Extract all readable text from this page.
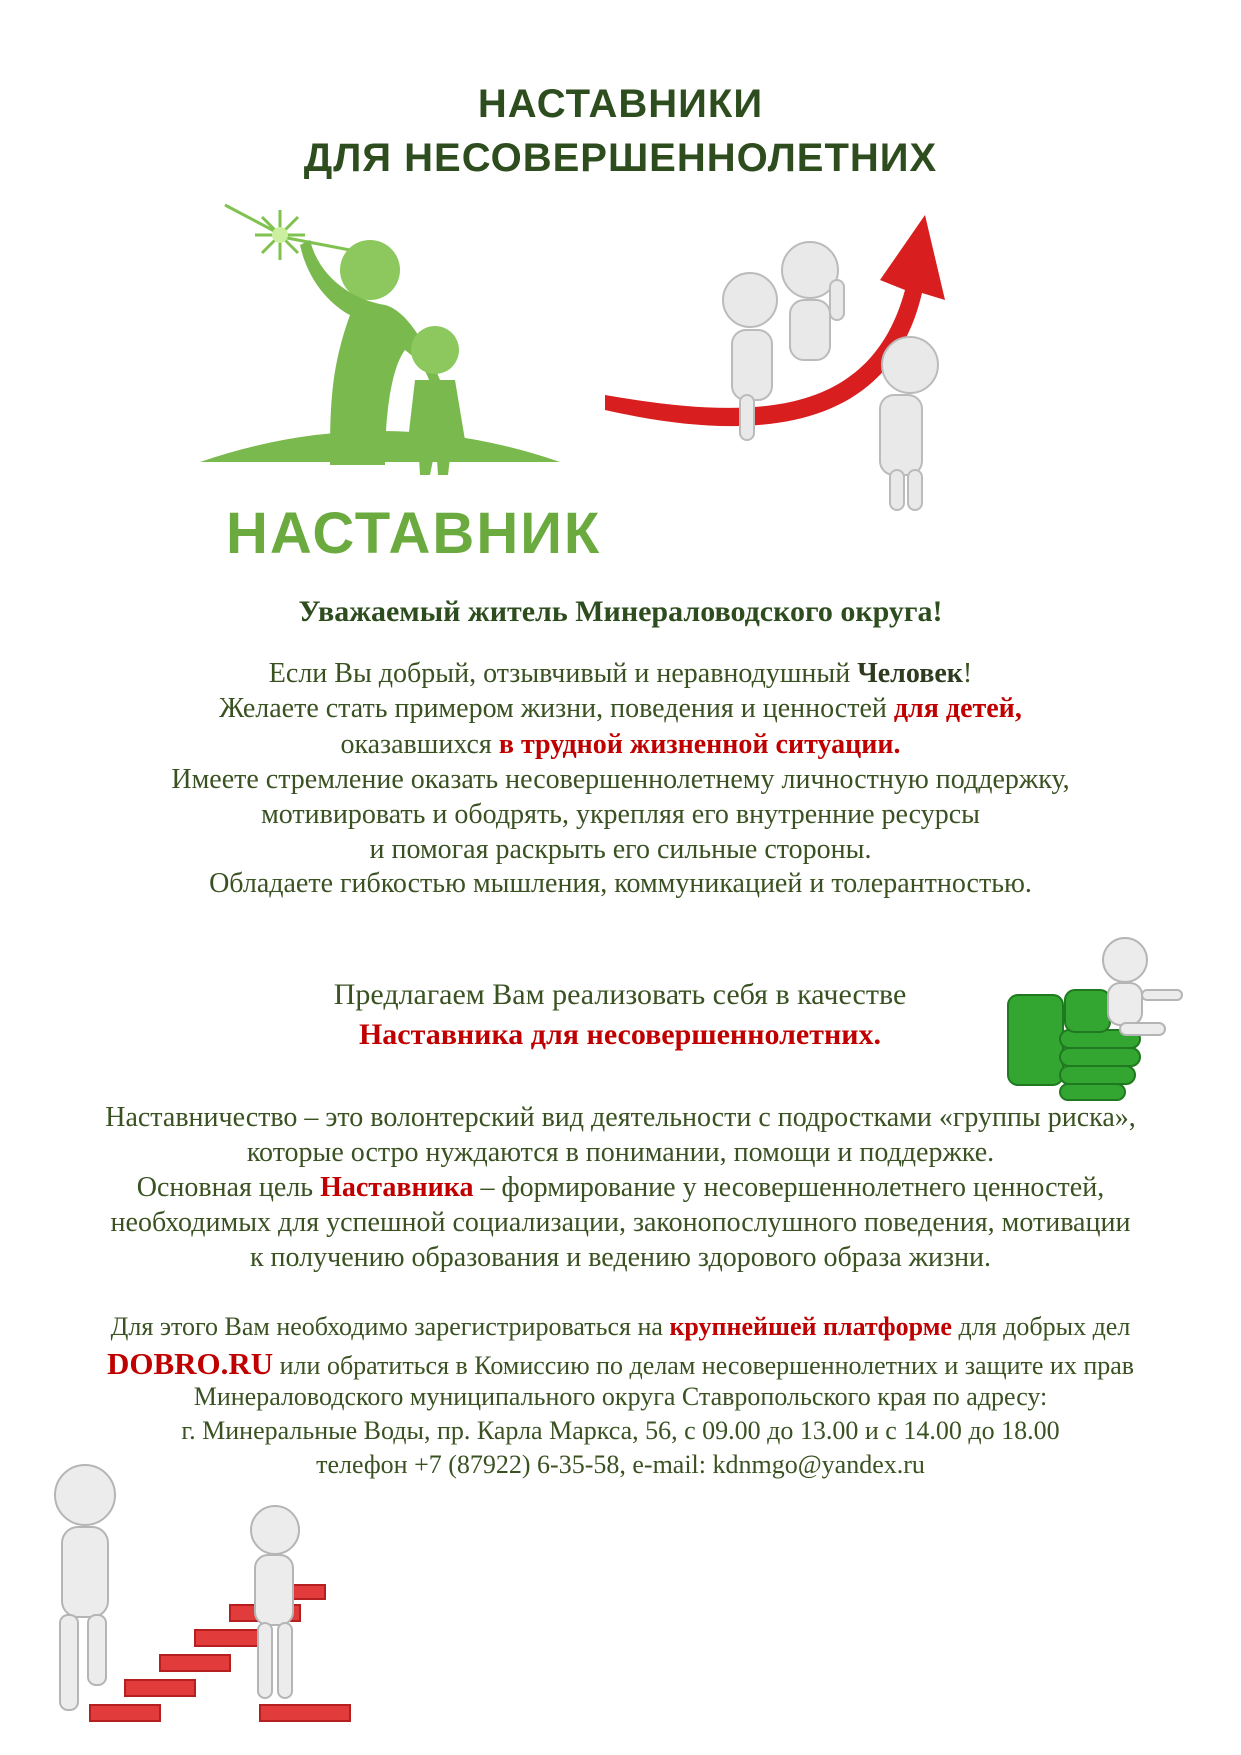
НАСТАВНИКИ
ДЛЯ НЕСОВЕРШЕННОЛЕТНИХ
НАСТАВНИК
Уважаемый житель Минераловодского округа!
Если Вы добрый, отзывчивый и неравнодушный Человек!
Желаете стать примером жизни, поведения и ценностей для детей,
оказавшихся в трудной жизненной ситуации.
Имеете стремление оказать несовершеннолетнему личностную поддержку,
мотивировать и ободрять, укрепляя его внутренние ресурсы
и помогая раскрыть его сильные стороны.
Обладаете гибкостью мышления, коммуникацией и толерантностью.
Предлагаем Вам реализовать себя в качестве
Наставника для несовершеннолетних.
Наставничество – это волонтерский вид деятельности с подростками «группы риска»,
которые остро нуждаются в понимании, помощи и поддержке.
Основная цель Наставника – формирование у несовершеннолетнего ценностей,
необходимых для успешной социализации, законопослушного поведения, мотивации
к получению образования и ведению здорового образа жизни.
Для этого Вам необходимо зарегистрироваться на крупнейшей платформе для добрых дел
DOBRO.RU или обратиться в Комиссию по делам несовершеннолетних и защите их прав
Минераловодского муниципального округа Ставропольского края по адресу:
г. Минеральные Воды, пр. Карла Маркса, 56, с 09.00 до 13.00 и с 14.00 до 18.00
телефон +7 (87922) 6-35-58, e-mail: kdnmgo@yandex.ru
